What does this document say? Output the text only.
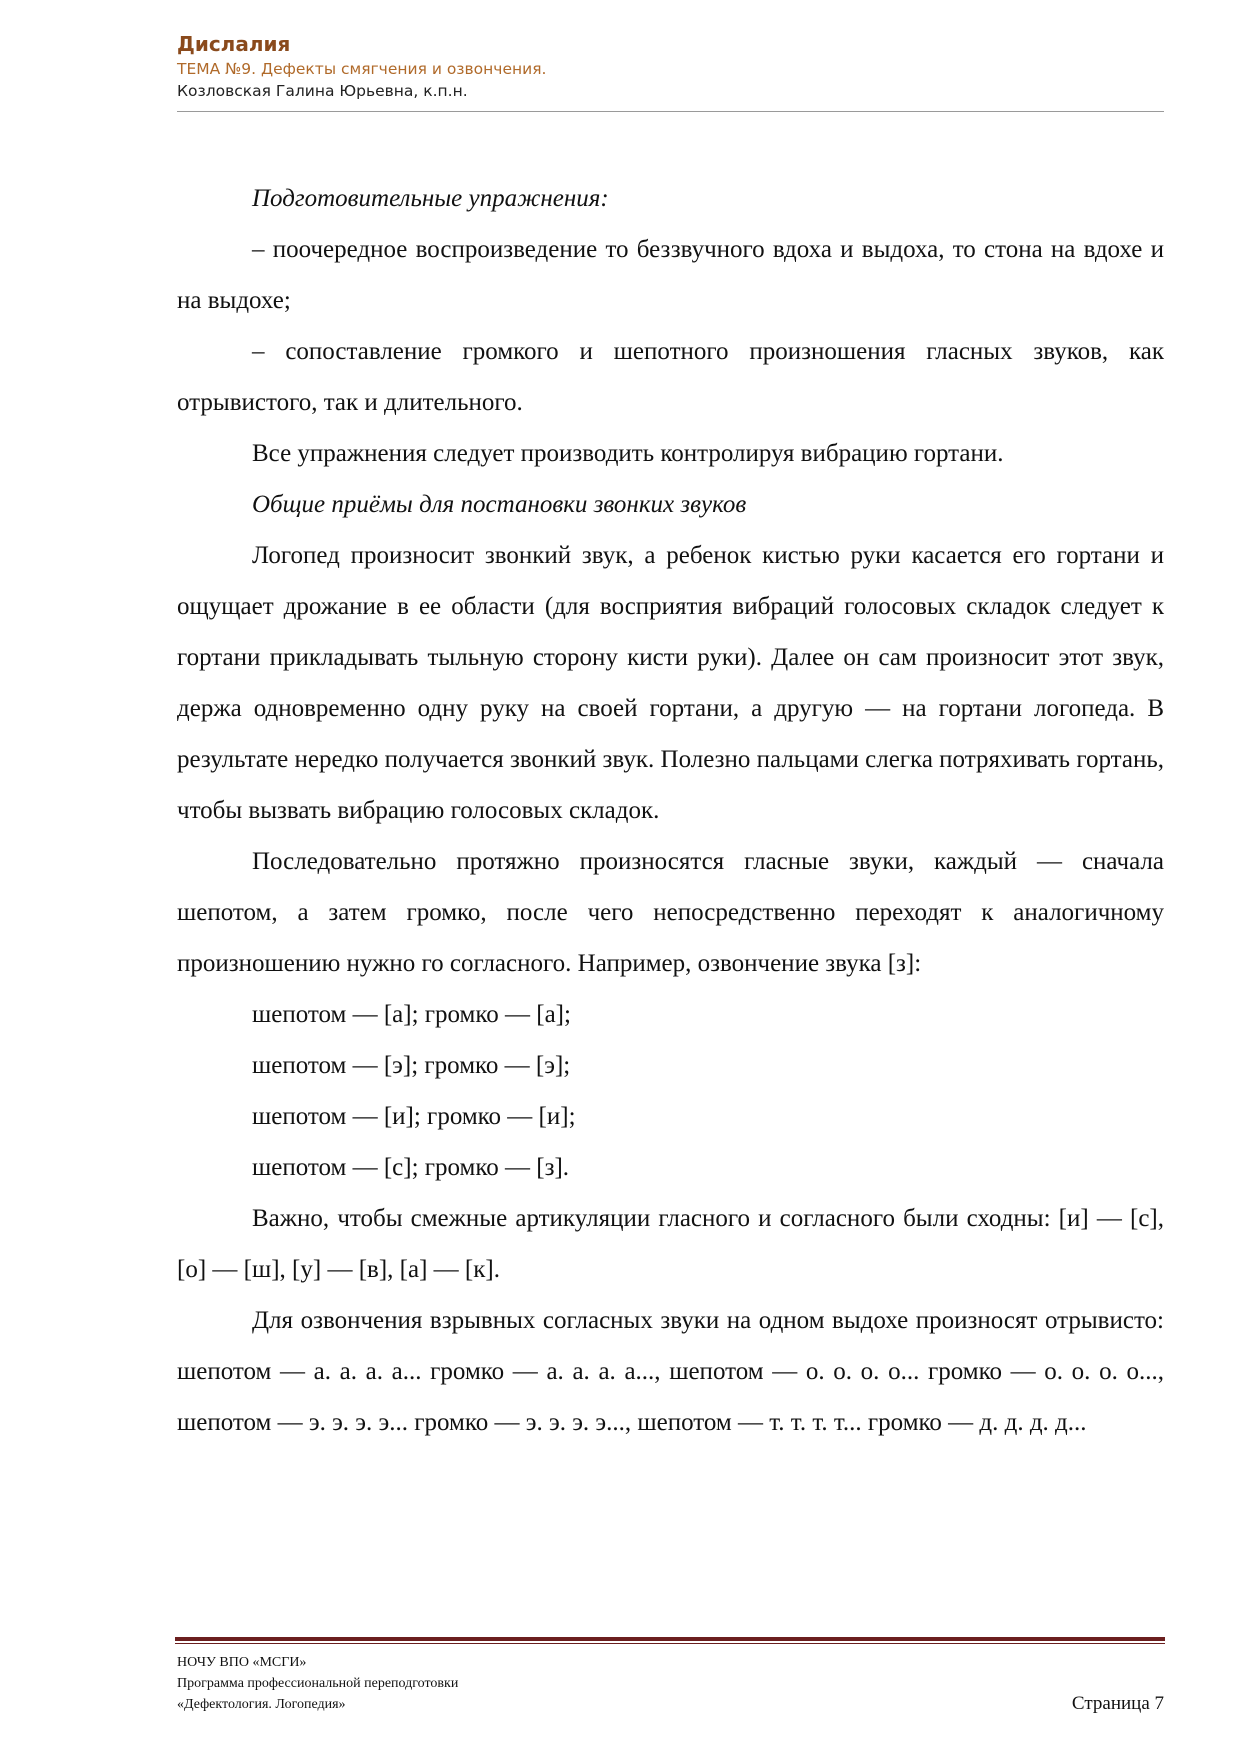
Дислалия
ТЕМА №9. Дефекты смягчения и озвончения.
Козловская Галина Юрьевна, к.п.н.

Подготовительные упражнения:

– поочередное воспроизведение то беззвучного вдоха и выдоха, то стона на вдохе и на выдохе;

– сопоставление громкого и шепотного произношения гласных звуков, как отрывистого, так и длительного.

Все упражнения следует производить контролируя вибрацию гортани.

Общие приёмы для постановки звонких звуков

Логопед произносит звонкий звук, а ребенок кистью руки касается его гортани и ощущает дрожание в ее области (для восприятия вибраций голосовых складок следует к гортани прикладывать тыльную сторону кисти руки). Далее он сам произносит этот звук, держа одновременно одну руку на своей гортани, а другую — на гортани логопеда. В результате нередко получается звонкий звук. Полезно пальцами слегка потряхивать гортань, чтобы вызвать вибрацию голосовых складок.

Последовательно протяжно произносятся гласные звуки, каждый — сначала шепотом, а затем громко, после чего непосредственно переходят к аналогичному произношению нужно го согласного. Например, озвончение звука [з]:

шепотом — [а]; громко — [а];

шепотом — [э]; громко — [э];

шепотом — [и]; громко — [и];

шепотом — [с]; громко — [з].

Важно, чтобы смежные артикуляции гласного и согласного были сходны: [и] — [с], [о] — [ш], [у] — [в], [а] — [к].

Для озвончения взрывных согласных звуки на одном выдохе произносят отрывисто: шепотом — а. а. а. а... громко — а. а. а. а..., шепотом — о. о. о. о... громко — о. о. о. о..., шепотом — э. э. э. э... громко — э. э. э. э..., шепотом — т. т. т. т... громко — д. д. д. д...

НОЧУ ВПО «МСГИ»
Программа профессиональной переподготовки
«Дефектология. Логопедия»	Страница 7
